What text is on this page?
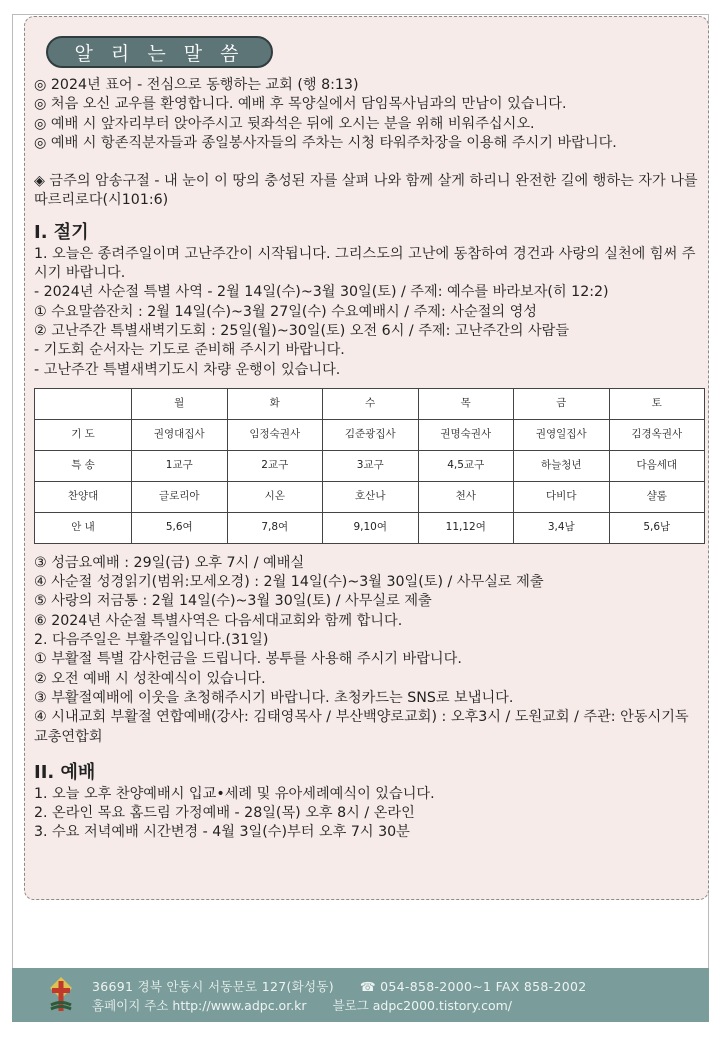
알 리 는 말 씀

◎ 2024년 표어 - 전심으로 동행하는 교회 (행 8:13)

◎ 처음 오신 교우를 환영합니다. 예배 후 목양실에서 담임목사님과의 만남이 있습니다.

◎ 예배 시 앞자리부터 앉아주시고 뒷좌석은 뒤에 오시는 분을 위해 비워주십시오.

◎ 예배 시 항존직분자들과 종일봉사자들의 주차는 시청 타워주차장을 이용해 주시기 바랍니다.

◈ 금주의 암송구절 - 내 눈이 이 땅의 충성된 자를 살펴 나와 함께 살게 하리니 완전한 길에 행하는 자가 나를 따르리로다(시101:6)

I. 절기

1. 오늘은 종려주일이며 고난주간이 시작됩니다. 그리스도의 고난에 동참하여 경건과 사랑의 실천에 힘써 주시기 바랍니다.

- 2024년 사순절 특별 사역 - 2월 14일(수)~3월 30일(토) / 주제: 예수를 바라보자(히 12:2)

① 수요말씀잔치 : 2월 14일(수)~3월 27일(수) 수요예배시 / 주제: 사순절의 영성

② 고난주간 특별새벽기도회 : 25일(월)~30일(토) 오전 6시 / 주제: 고난주간의 사람들

- 기도회 순서자는 기도로 준비해 주시기 바랍니다.

- 고난주간 특별새벽기도시 차량 운행이 있습니다.

	월	화	수	목	금	토
기 도	권영대집사	임정숙권사	김준광집사	권명숙권사	권영일집사	김경옥권사
특 송	1교구	2교구	3교구	4,5교구	하늘청년	다음세대
찬양대	글로리아	시온	호산나	천사	다비다	샬롬
안 내	5,6여	7,8여	9,10여	11,12여	3,4남	5,6남

③ 성금요예배 : 29일(금) 오후 7시 / 예배실

④ 사순절 성경읽기(범위:모세오경) : 2월 14일(수)~3월 30일(토) / 사무실로 제출

⑤ 사랑의 저금통 : 2월 14일(수)~3월 30일(토) / 사무실로 제출

⑥ 2024년 사순절 특별사역은 다음세대교회와 함께 합니다.

2. 다음주일은 부활주일입니다.(31일)

① 부활절 특별 감사헌금을 드립니다. 봉투를 사용해 주시기 바랍니다.

② 오전 예배 시 성찬예식이 있습니다.

③ 부활절예배에 이웃을 초청해주시기 바랍니다. 초청카드는 SNS로 보냅니다.

④ 시내교회 부활절 연합예배(강사: 김태영목사 / 부산백양로교회) : 오후3시 / 도원교회 / 주관: 안동시기독교총연합회

II. 예배

1. 오늘 오후 찬양예배시 입교•세례 및 유아세례예식이 있습니다.

2. 온라인 목요 홈드림 가정예배 - 28일(목) 오후 8시 / 온라인

3. 수요 저녁예배 시간변경 - 4월 3일(수)부터 오후 7시 30분

36691 경북 안동시 서동문로 127(화성동) ☎ 054-858-2000~1 FAX 858-2002
홈페이지 주소 http://www.adpc.or.kr 블로그 adpc2000.tistory.com/
